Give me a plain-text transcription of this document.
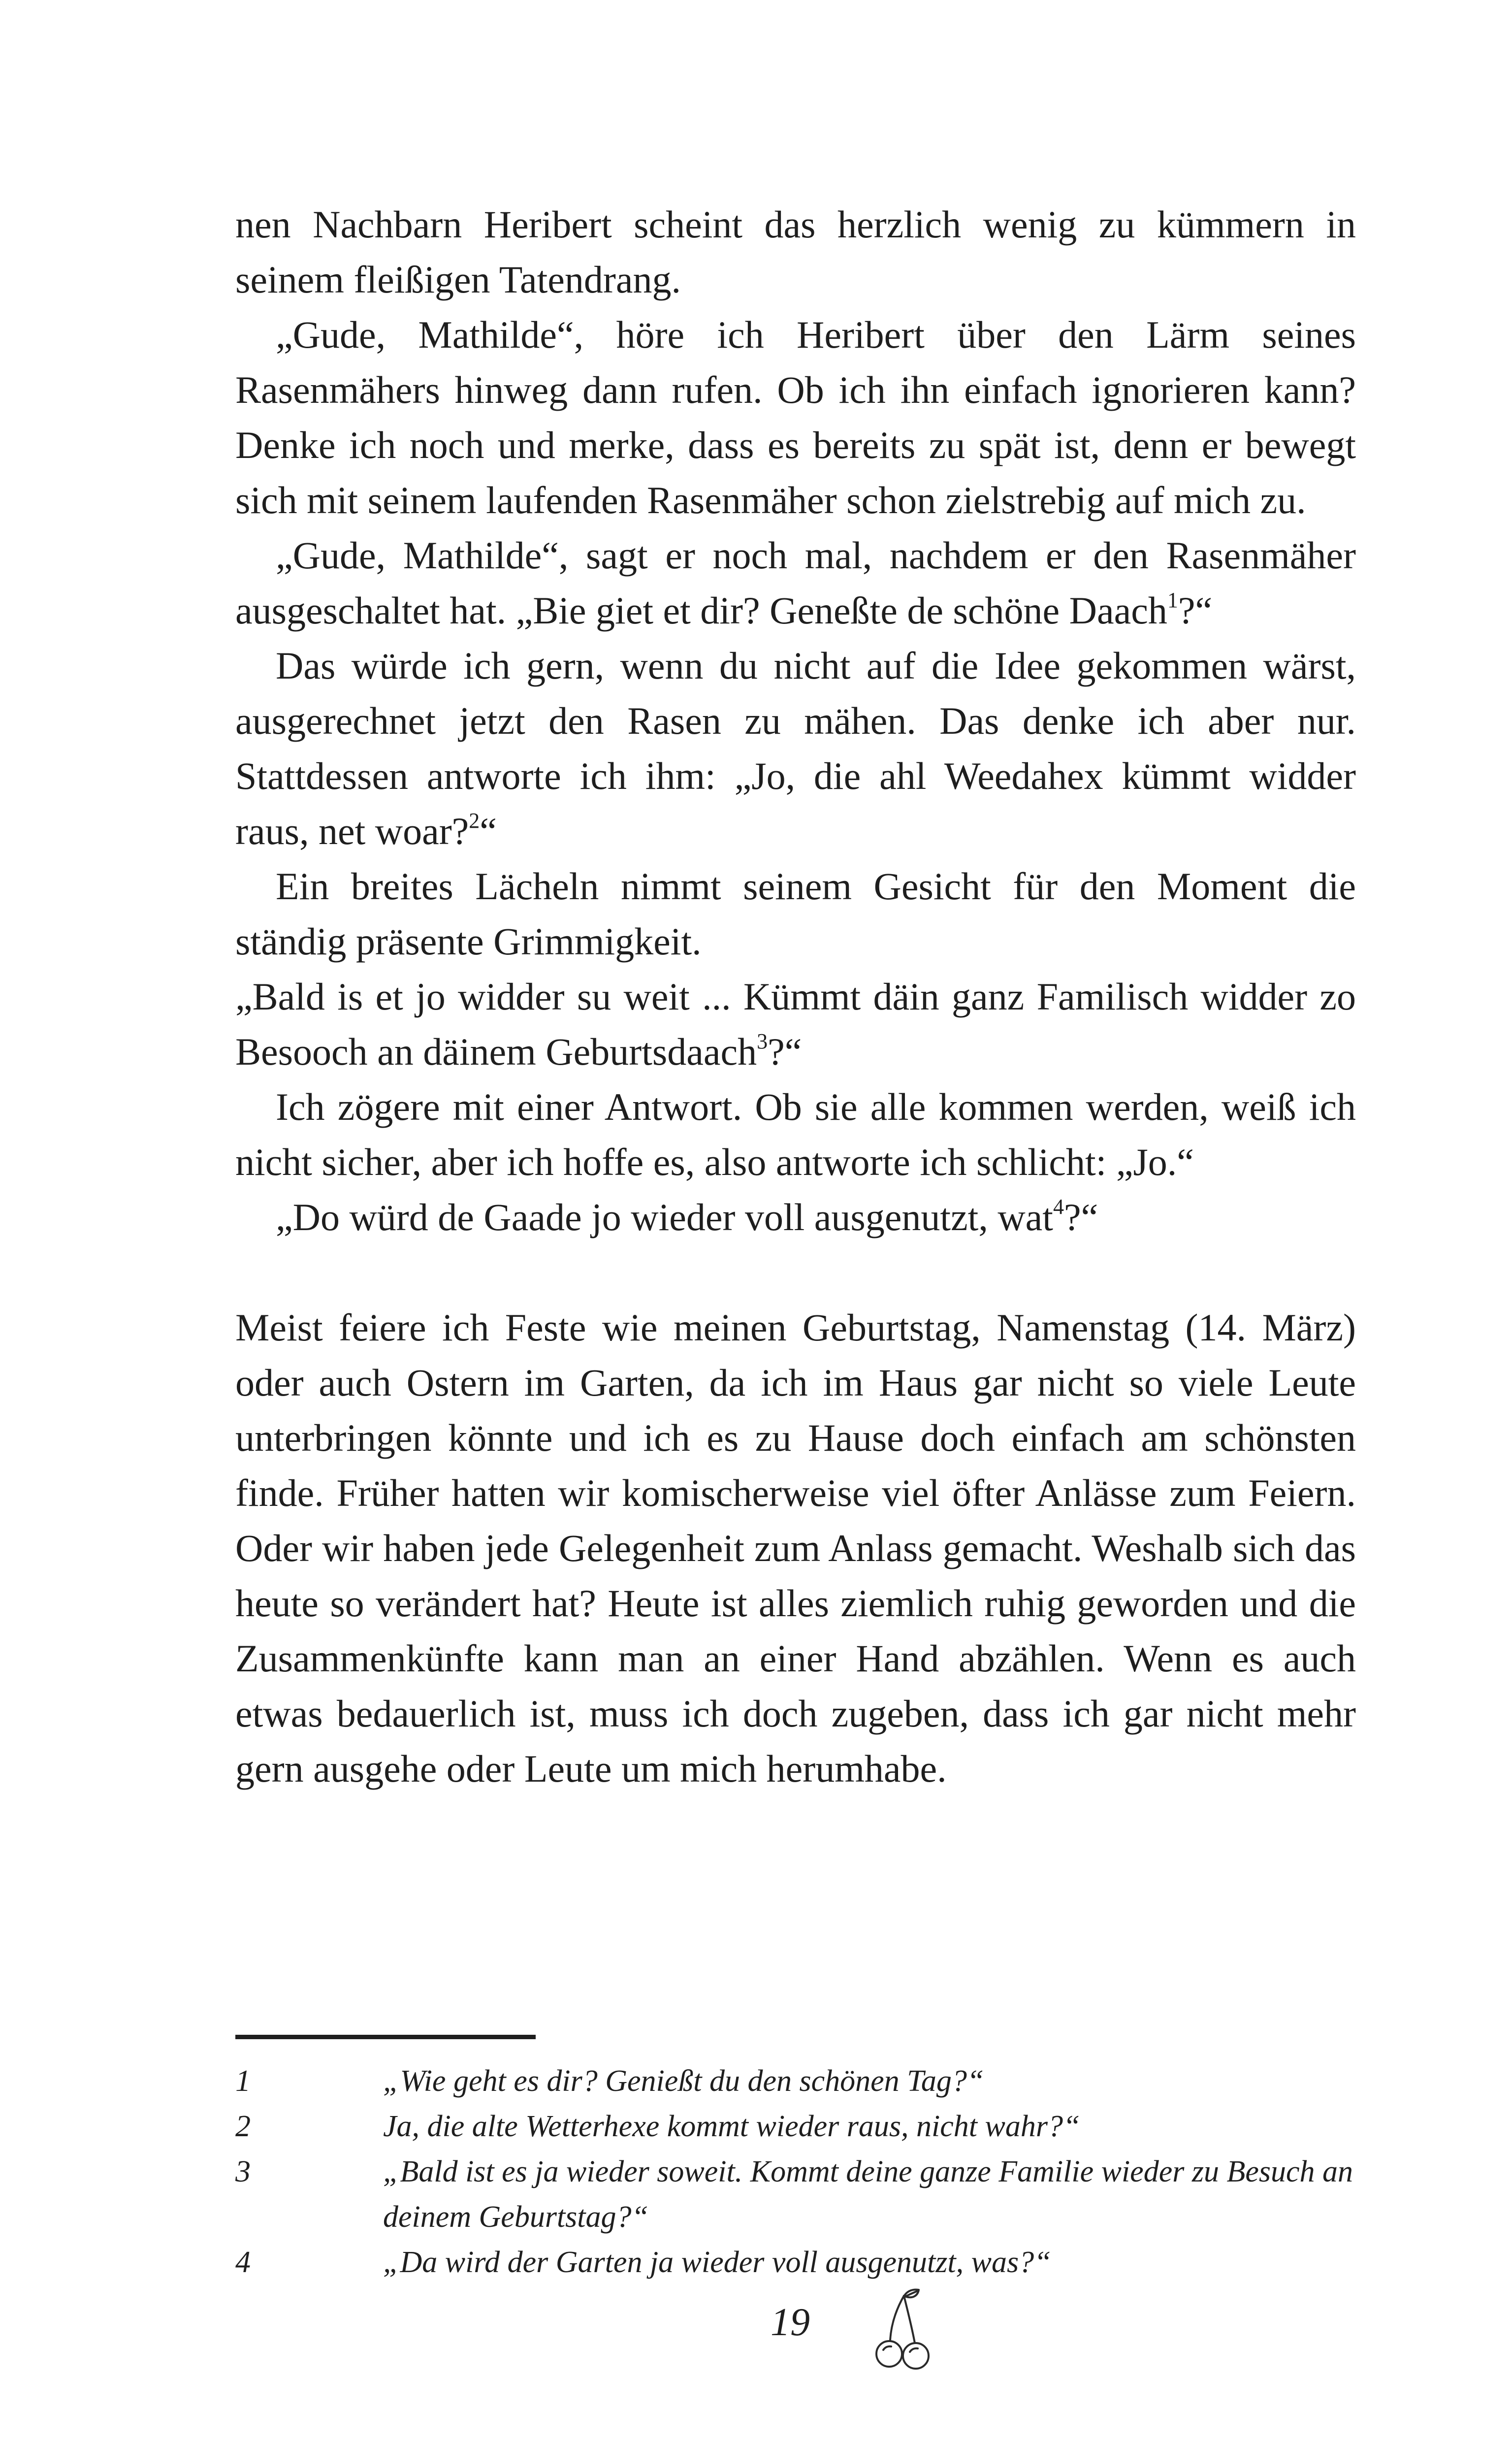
nen Nachbarn Heribert scheint das herzlich wenig zu kümmern in seinem fleißigen Tatendrang.

„Gude, Mathilde“, höre ich Heribert über den Lärm seines Rasenmähers hinweg dann rufen. Ob ich ihn einfach ignorieren kann? Denke ich noch und merke, dass es bereits zu spät ist, denn er bewegt sich mit seinem laufenden Rasenmäher schon zielstrebig auf mich zu.

„Gude, Mathilde“, sagt er noch mal, nachdem er den Rasenmäher ausgeschaltet hat. „Bie giet et dir? Geneßte de schöne Daach$^1$?“

Das würde ich gern, wenn du nicht auf die Idee gekommen wärst, ausgerechnet jetzt den Rasen zu mähen. Das denke ich aber nur. Stattdessen antworte ich ihm: „Jo, die ahl Weedahex kümmt widder raus, net woar?$^2$“

Ein breites Lächeln nimmt seinem Gesicht für den Moment die ständig präsente Grimmigkeit.

„Bald is et jo widder su weit ... Kümmt däin ganz Familisch widder zo Besooch an däinem Geburtsdaach$^3$?“

Ich zögere mit einer Antwort. Ob sie alle kommen werden, weiß ich nicht sicher, aber ich hoffe es, also antworte ich schlicht: „Jo.“

„Do würd de Gaade jo wieder voll ausgenutzt, wat$^4$?“

Meist feiere ich Feste wie meinen Geburtstag, Namenstag (14. März) oder auch Ostern im Garten, da ich im Haus gar nicht so viele Leute unterbringen könnte und ich es zu Hause doch einfach am schönsten finde. Früher hatten wir komischerweise viel öfter Anlässe zum Feiern. Oder wir haben jede Gelegenheit zum Anlass gemacht. Weshalb sich das heute so verändert hat? Heute ist alles ziemlich ruhig geworden und die Zusammenkünfte kann man an einer Hand abzählen. Wenn es auch etwas bedauerlich ist, muss ich doch zugeben, dass ich gar nicht mehr gern ausgehe oder Leute um mich herumhabe.

1	„Wie geht es dir? Genießt du den schönen Tag?“
2	Ja, die alte Wetterhexe kommt wieder raus, nicht wahr?“
3	„Bald ist es ja wieder soweit. Kommt deine ganze Familie wieder zu Besuch an deinem Geburtstag?“
4	„Da wird der Garten ja wieder voll ausgenutzt, was?“
19
